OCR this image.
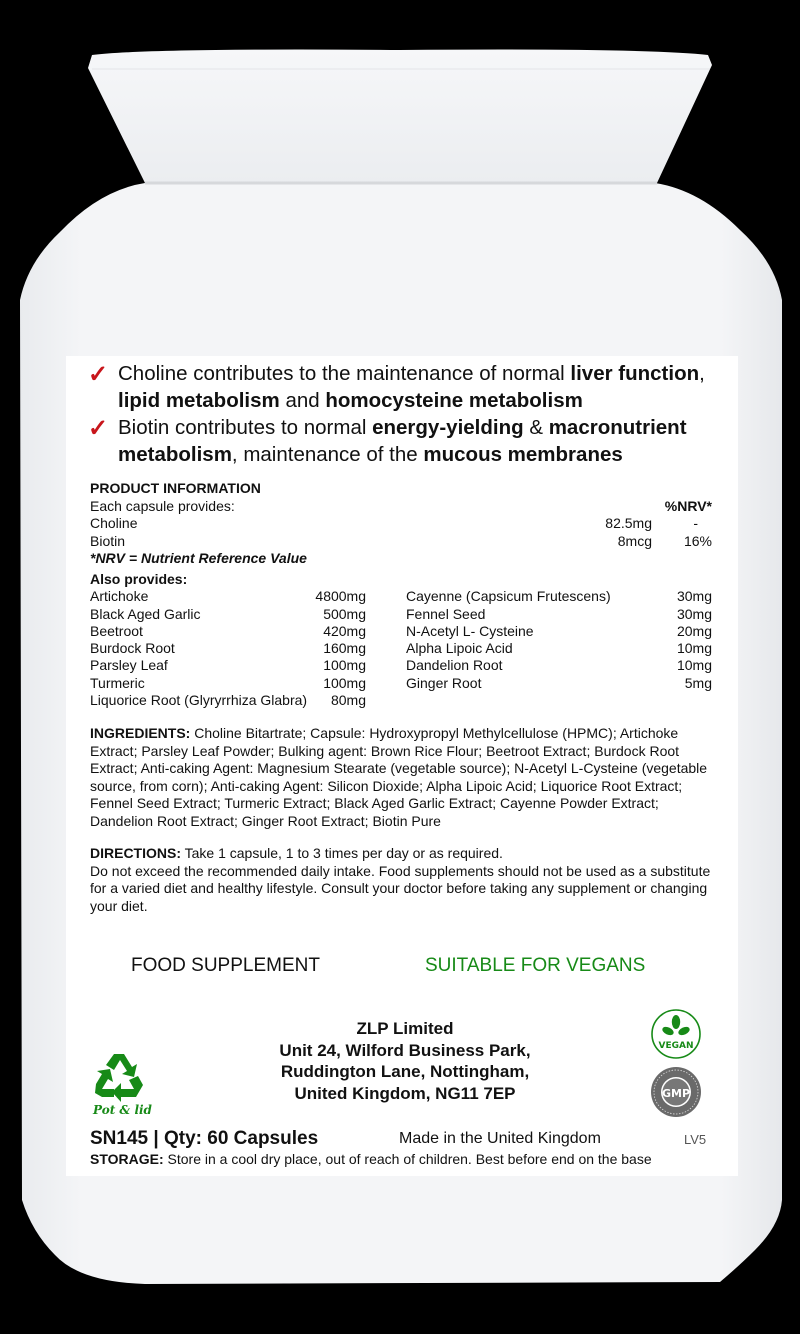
✓ Choline contributes to the maintenance of normal liver function, lipid metabolism and homocysteine metabolism
✓ Biotin contributes to normal energy-yielding & macronutrient metabolism, maintenance of the mucous membranes
PRODUCT INFORMATION
Each capsule provides:	%NRV*
Choline	82.5mg	-
Biotin	8mcg	16%
*NRV = Nutrient Reference Value
Also provides:
Artichoke	4800mg
Black Aged Garlic	500mg
Beetroot	420mg
Burdock Root	160mg
Parsley Leaf	100mg
Turmeric	100mg
Liquorice Root (Glyryrrhiza Glabra)	80mg
Cayenne (Capsicum Frutescens)	30mg
Fennel Seed	30mg
N-Acetyl L- Cysteine	20mg
Alpha Lipoic Acid	10mg
Dandelion Root	10mg
Ginger Root	5mg
INGREDIENTS: Choline Bitartrate; Capsule: Hydroxypropyl Methylcellulose (HPMC); Artichoke Extract; Parsley Leaf Powder; Bulking agent: Brown Rice Flour; Beetroot Extract; Burdock Root Extract; Anti-caking Agent: Magnesium Stearate (vegetable source); N-Acetyl L-Cysteine (vegetable source, from corn); Anti-caking Agent: Silicon Dioxide; Alpha Lipoic Acid; Liquorice Root Extract; Fennel Seed Extract; Turmeric Extract; Black Aged Garlic Extract; Cayenne Powder Extract; Dandelion Root Extract; Ginger Root Extract; Biotin Pure
DIRECTIONS: Take 1 capsule, 1 to 3 times per day or as required.
Do not exceed the recommended daily intake. Food supplements should not be used as a substitute for a varied diet and healthy lifestyle. Consult your doctor before taking any supplement or changing your diet.
FOOD SUPPLEMENT	SUITABLE FOR VEGANS
ZLP Limited
Unit 24, Wilford Business Park,
Ruddington Lane, Nottingham,
United Kingdom, NG11 7EP
Pot & lid
VEGAN
GMP
SN145 | Qty: 60 Capsules	Made in the United Kingdom	LV5
STORAGE: Store in a cool dry place, out of reach of children. Best before end on the base
